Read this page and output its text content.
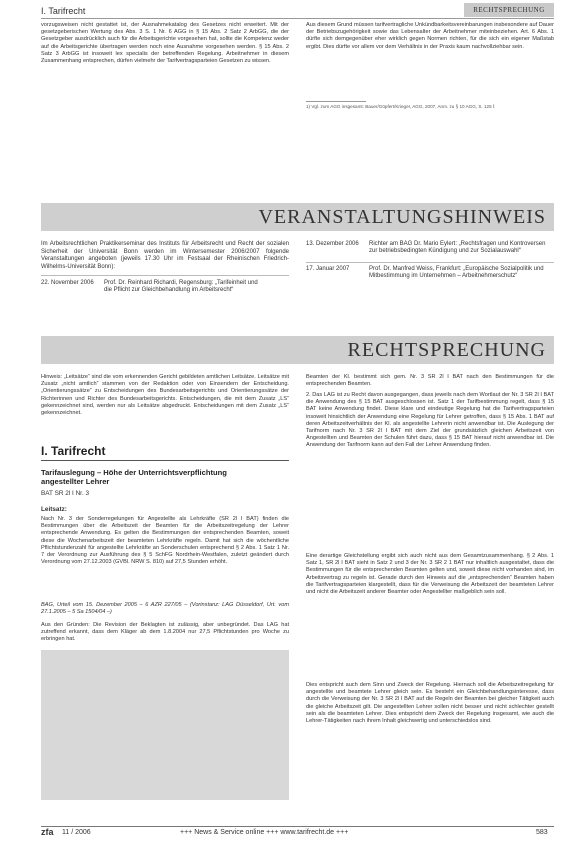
I. Tarifrecht	RECHTSPRECHUNG

vorzugsweisen nicht gestattet ist, der Ausnahmekatalog des Gesetzes nicht erweitert. Mit der gesetzgeberischen Wertung des Abs. 3 S. 1 Nr. 6 AGG in § 15 Abs. 2 Satz 2 ArbGG, die der Gesetzgeber ausdrücklich auch für die Arbeitsgerichte vorgesehen hat, sollte die Kompetenz weder auf die Arbeitsgerichte übertragen werden noch eine Ausnahme vorgesehen werden. § 15 Abs. 2 Satz 3 ArbGG ist insoweit lex specialis der betreffenden Regelung. Arbeitnehmer in diesem Zusammenhang entsprechen, dürfen vielmehr der Tarifvertragsparteien Gesetzen zu wissen.

Aus diesem Grund müssen tarifvertragliche Unkündbarkeitsvereinbarungen insbesondere auf Dauer der Betriebszugehörigkeit sowie das Lebensalter der Arbeitnehmer miteinbeziehen. Art. 6 Abs. 1 dürfte sich demgegenüber eher wirklich gegen Normen richten, für die sich ein eigener Maßstab ergibt. Dies dürfte vor allem vor dem Verhältnis in der Praxis kaum nachvollziehbar sein.

1) Vgl. zum AGG insgesamt: Bauer/Göpfert/Krieger, AGG, 2007, Anm. zu § 10 AGG, S. 125 f.
VERANSTALTUNGSHINWEIS
Im Arbeitsrechtlichen Praktikerseminar des Instituts für Arbeitsrecht und Recht der sozialen Sicherheit der Universität Bonn werden im Wintersemester 2006/2007 folgende Veranstaltungen angeboten (jeweils 17.30 Uhr im Festsaal der Rheinischen Friedrich-Wilhelms-Universität Bonn):
22. November 2006	Prof. Dr. Reinhard Richardi, Regensburg: „Tarifeinheit und die Pflicht zur Gleichbehandlung im Arbeitsrecht“
13. Dezember 2006	Richter am BAG Dr. Mario Eylert: „Rechtsfragen und Kontroversen zur betriebsbedingten Kündigung und zur Sozialauswahl“
17. Januar 2007	Prof. Dr. Manfred Weiss, Frankfurt: „Europäische Sozialpolitik und Mitbestimmung im Unternehmen – Arbeitnehmerschutz“
RECHTSPRECHUNG
Hinweis: „Leitsätze“ sind die vom erkennenden Gericht gebildeten amtlichen Leitsätze. Leitsätze mit Zusatz „nicht amtlich“ stammen von der Redaktion oder von Einsendern der Entscheidung. „Orientierungssätze“ zu Entscheidungen des Bundesarbeitsgerichts und Orientierungssätze der Richterinnen und Richter des Bundesarbeitsgerichts. Entscheidungen, die mit dem Zusatz „LS“ gekennzeichnet sind, werden nur als Leitsätze abgedruckt. Entscheidungen mit dem Zusatz „LS“ gekennzeichnet.
I. Tarifrecht
Tarifauslegung – Höhe der Unterrichtsverpflichtung angestellter Lehrer
BAT SR 2l I Nr. 3
Leitsatz:
Nach Nr. 3 der Sonderregelungen für Angestellte als Lehrkräfte (SR 2l I BAT) finden die Bestimmungen über die Arbeitszeit der Beamten für die Arbeitszeitregelung der Lehrer entsprechende Anwendung. Es gelten die Bestimmungen der entsprechenden Beamten, soweit diese die Wochenarbeitszeit der beamteten Lehrkräfte regeln. Damit hat sich die wöchentliche Pflichtstundenzahl für angestellte Lehrkräfte an Sonderschulen entsprechend § 2 Abs. 1 Satz 1 Nr. 7 der Verordnung zur Ausführung des § 5 SchFG Nordrhein-Westfalen, zuletzt geändert durch Verordnung vom 27.12.2003 (GVBl. NRW S. 810) auf 27,5 Stunden erhöht.
BAG, Urteil vom 15. Dezember 2005 – 6 AZR 227/05 – (Vorinstanz: LAG Düsseldorf, Urt. vom 27.1.2005 – 5 Sa 1504/04 –)
Aus den Gründen: Die Revision der Beklagten ist zulässig, aber unbegründet. Das LAG hat zutreffend erkannt, dass dem Kläger ab dem 1.8.2004 nur 27,5 Pflichtstunden pro Woche zu erbringen hat.
Beamten der Kl. bestimmt sich gem. Nr. 3 SR 2l I BAT nach den Bestimmungen für die entsprechenden Beamten.
2. Das LAG ist zu Recht davon ausgegangen, dass jeweils nach dem Wortlaut der Nr. 3 SR 2l I BAT die Anwendung des § 15 BAT ausgeschlossen ist. Satz 1 der Tarifbestimmung regelt, dass § 15 BAT keine Anwendung findet. Diese klare und eindeutige Regelung hat die Tarifvertragsparteien insoweit hinsichtlich der Anwendung eine Regelung für Lehrer getroffen, dass § 15 Abs. 1 BAT auf deren Arbeitszeitverhältnis der Kl. als angestellte Lehrerin nicht anwendbar ist. Die Auslegung der Tarifnorm nach Nr. 3 SR 2l I BAT mit dem Ziel der grundsätzlich gleichen Arbeitszeit von Angestellten und Beamten der Schulen führt dazu, dass § 15 BAT hierauf nicht anwendbar ist. Die Anwendung der Tarifnorm kann auf den Fall der Lehrer Anwendung finden.
Eine derartige Gleichstellung ergibt sich auch nicht aus dem Gesamtzusammenhang. § 2 Abs. 1 Satz 1, SR 2l I BAT sieht in Satz 2 und 3 der Nr. 3 SR 2 1 BAT nur inhaltlich ausgestaltet, dass die Bestimmungen für die entsprechenden Beamten gelten und, soweit diese nicht vorhanden sind, im Arbeitsvertrag zu regeln ist. Gerade durch den Hinweis auf die „entsprechenden“ Beamten haben die Tarifvertragsparteien klargestellt, dass für die Verweisung die Arbeitszeit der beamteten Lehrer und nicht die Arbeitszeit anderer Beamter oder Angestellter maßgeblich sein soll.
Dies entspricht auch dem Sinn und Zweck der Regelung. Hiernach soll die Arbeitszeitregelung für angestellte und beamtete Lehrer gleich sein. Es besteht ein Gleichbehandlungsinteresse, dass durch die Verweisung der Nr. 3 SR 2l I BAT auf die Regeln der Beamten bei gleicher Tätigkeit auch die gleiche Arbeitszeit gilt. Die angestellten Lehrer sollen nicht besser und nicht schlechter gestellt sein als die beamteten Lehrer. Dies entspricht dem Zweck der Regelung insgesamt, wie auch die Lehrer-Tätigkeiten nach ihrem Inhalt gleichwertig und unterschiedslos sind.
zfa 11 / 2006	+++ News & Service online +++ www.tarifrecht.de +++	583
